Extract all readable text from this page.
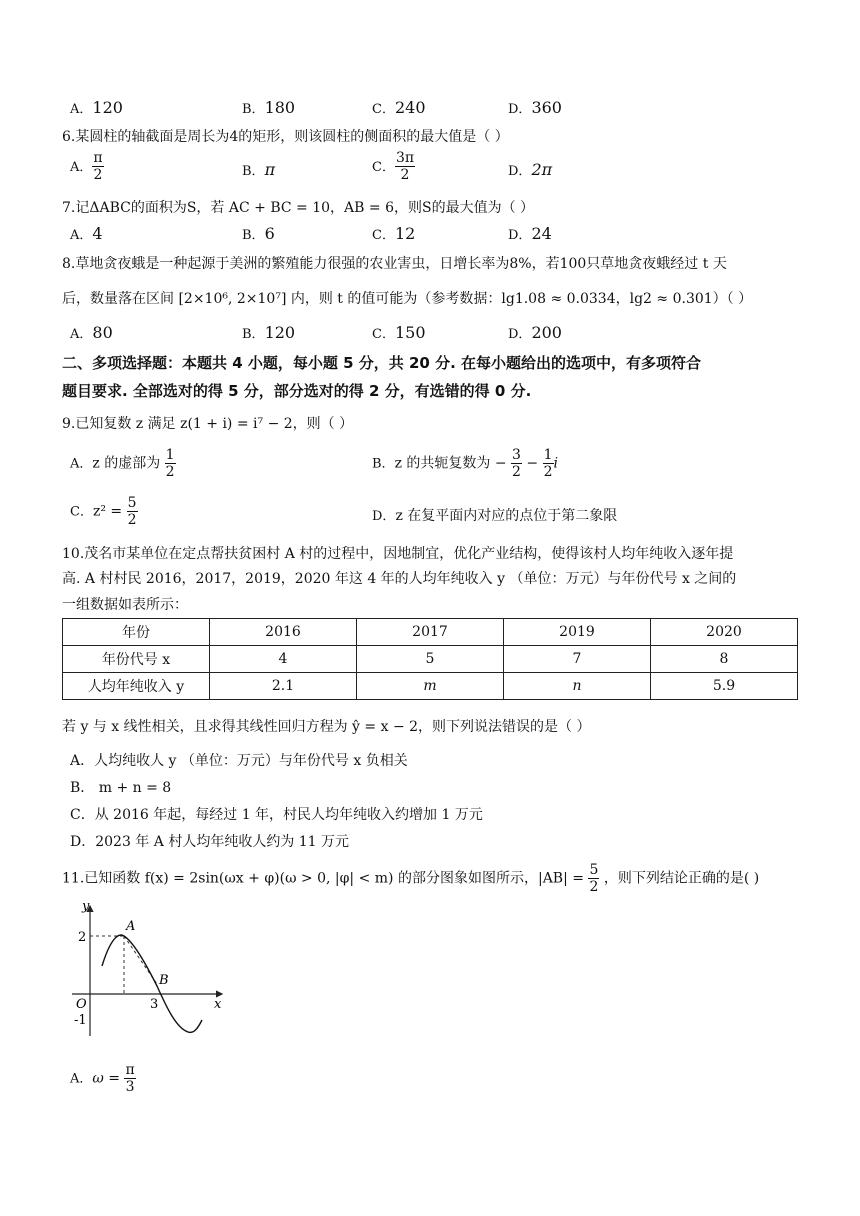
A．120	B．180	C．240	D．360
6.某圆柱的轴截面是周长为4的矩形，则该圆柱的侧面积的最大值是（ ）
A． $\frac{\pi}{2}$	B．π	C． $\frac{3\pi}{2}$	D．2π
7.记ΔABC的面积为S，若 AC + BC = 10，AB = 6，则S的最大值为（ ）
A．4	B．6	C．12	D．24
8.草地贪夜蛾是一种起源于美洲的繁殖能力很强的农业害虫，日增长率为8%，若100只草地贪夜蛾经过 t 天
后，数量落在区间 [2×10⁶, 2×10⁷] 内，则 t 的值可能为（参考数据：lg1.08 ≈ 0.0334，lg2 ≈ 0.301）（ ）
A．80	B．120	C．150	D．200
二、多项选择题：本题共 4 小题，每小题 5 分，共 20 分. 在每小题给出的选项中，有多项符合
题目要求. 全部选对的得 5 分，部分选对的得 2 分，有选错的得 0 分.
9.已知复数 z 满足 z(1 + i) = i⁷ − 2，则（ ）
A．z 的虚部为 $\frac{1}{2}$	B．z 的共轭复数为 − $\frac{3}{2} - \frac{1}{2}$ i
C．$z^2 = \frac{5}{2}$	D．z 在复平面内对应的点位于第二象限
10.茂名市某单位在定点帮扶贫困村 A 村的过程中，因地制宜，优化产业结构，使得该村人均年纯收入逐年提
高. A 村村民 2016，2017，2019，2020 年这 4 年的人均年纯收入 y （单位：万元）与年份代号 x 之间的
一组数据如表所示：
年份	2016	2017	2019	2020
年份代号 x	4	5	7	8
人均年纯收入 y	2.1	m	n	5.9
若 y 与 x 线性相关，且求得其线性回归方程为 ŷ = x − 2，则下列说法错误的是（ ）
A．人均纯收人 y （单位：万元）与年份代号 x 负相关
B． m + n = 8
C．从 2016 年起，每经过 1 年，村民人均年纯收入约增加 1 万元
D．2023 年 A 村人均年纯收人约为 11 万元
11.已知函数 f(x) = 2sin(ωx + φ)(ω > 0, |φ| < m) 的部分图象如图所示，$|AB| = \frac{5}{2}$ ，则下列结论正确的是( )
y
x
O
2
-1
3
A
B
A．$\omega = \frac{\pi}{3}$
